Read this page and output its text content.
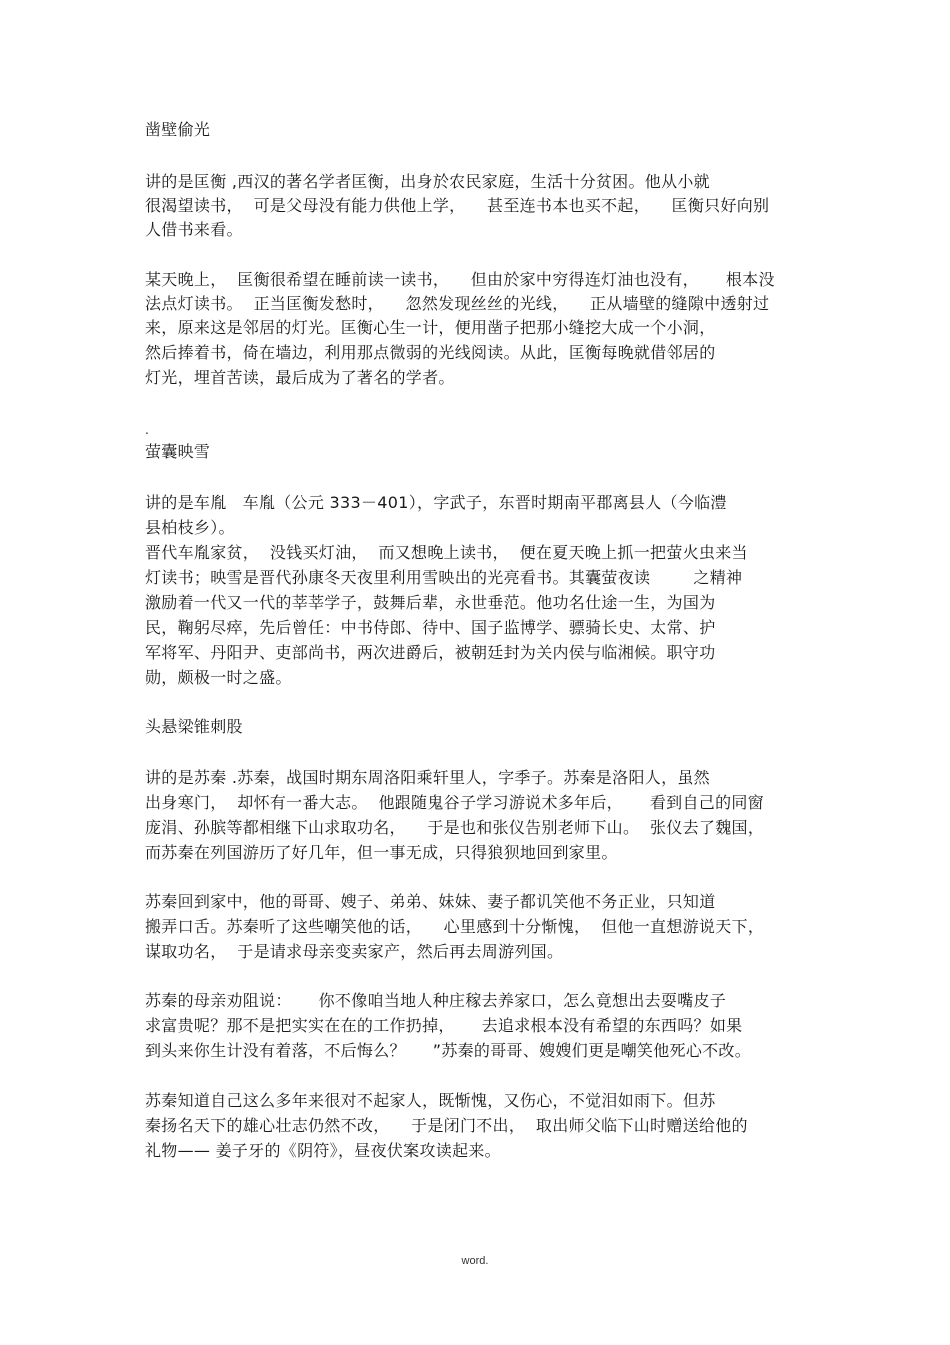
凿壁偷光
讲的是匡衡 ,西汉的著名学者匡衡，出身於农民家庭，生活十分贫困。他从小就
很渴望读书，  可是父母没有能力供他上学，    甚至连书本也买不起，    匡衡只好向别
人借书来看。
某天晚上，  匡衡很希望在睡前读一读书，    但由於家中穷得连灯油也没有，     根本没
法点灯读书。  正当匡衡发愁时，    忽然发现丝丝的光线，    正从墙壁的缝隙中透射过
来，原来这是邻居的灯光。匡衡心生一计，便用凿子把那小缝挖大成一个小洞，
然后捧着书，倚在墙边，利用那点微弱的光线阅读。从此，匡衡每晚就借邻居的
灯光，埋首苦读，最后成为了著名的学者。
.
萤囊映雪
讲的是车胤   车胤（公元 333－401），字武子，东晋时期南平郡离县人（今临澧
县柏枝乡）。
晋代车胤家贫，  没钱买灯油，  而又想晚上读书，  便在夏天晚上抓一把萤火虫来当
灯读书；映雪是晋代孙康冬天夜里利用雪映出的光亮看书。其囊萤夜读        之精神
激励着一代又一代的莘莘学子，鼓舞后辈，永世垂范。他功名仕途一生，为国为
民，鞠躬尽瘁，先后曾任：中书侍郎、待中、国子监博学、骠骑长史、太常、护
军将军、丹阳尹、吏部尚书，两次进爵后，被朝廷封为关内侯与临湘候。职守功
勋，颇极一时之盛。
头悬梁锥刺股
讲的是苏秦 .苏秦，战国时期东周洛阳乘轩里人，字季子。苏秦是洛阳人，虽然
出身寒门，  却怀有一番大志。  他跟随鬼谷子学习游说术多年后，     看到自己的同窗
庞涓、孙膑等都相继下山求取功名，    于是也和张仪告别老师下山。  张仪去了魏国，
而苏秦在列国游历了好几年，但一事无成，只得狼狈地回到家里。
苏秦回到家中，他的哥哥、嫂子、弟弟、妹妹、妻子都讥笑他不务正业，只知道
搬弄口舌。苏秦听了这些嘲笑他的话，    心里感到十分惭愧，  但他一直想游说天下，
谋取功名，  于是请求母亲变卖家产，然后再去周游列国。
苏秦的母亲劝阻说：     你不像咱当地人种庄稼去养家口，怎么竟想出去耍嘴皮子
求富贵呢？那不是把实实在在的工作扔掉，     去追求根本没有希望的东西吗？如果
到头来你生计没有着落，不后悔么？     ”苏秦的哥哥、嫂嫂们更是嘲笑他死心不改。
苏秦知道自己这么多年来很对不起家人，既惭愧，又伤心，不觉泪如雨下。但苏
秦扬名天下的雄心壮志仍然不改，    于是闭门不出，  取出师父临下山时赠送给他的
礼物—— 姜子牙的《阴符》，昼夜伏案攻读起来。
word.
